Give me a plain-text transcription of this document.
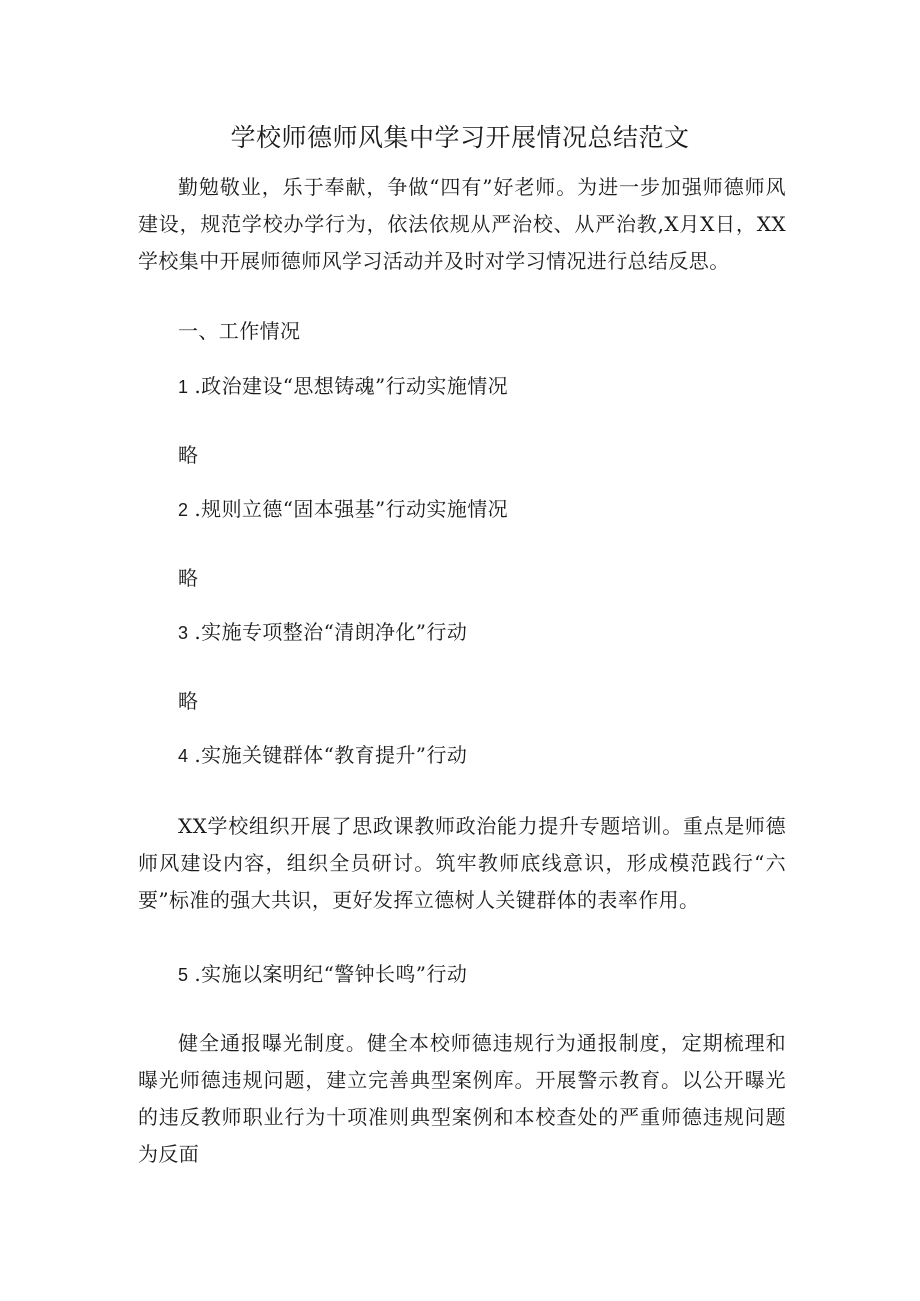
学校师德师风集中学习开展情况总结范文
勤勉敬业，乐于奉献，争做“四有”好老师。为进一步加强师德师风建设，规范学校办学行为，依法依规从严治校、从严治教,X月X日，XX学校集中开展师德师风学习活动并及时对学习情况进行总结反思。
一、工作情况
1 .政治建设“思想铸魂”行动实施情况
略
2 .规则立德“固本强基”行动实施情况
略
3 .实施专项整治“清朗净化”行动
略
4 .实施关键群体“教育提升”行动
XX学校组织开展了思政课教师政治能力提升专题培训。重点是师德师风建设内容，组织全员研讨。筑牢教师底线意识，形成模范践行“六要”标准的强大共识，更好发挥立德树人关键群体的表率作用。
5 .实施以案明纪“警钟长鸣”行动
健全通报曝光制度。健全本校师德违规行为通报制度，定期梳理和曝光师德违规问题，建立完善典型案例库。开展警示教育。以公开曝光的违反教师职业行为十项准则典型案例和本校查处的严重师德违规问题为反面
